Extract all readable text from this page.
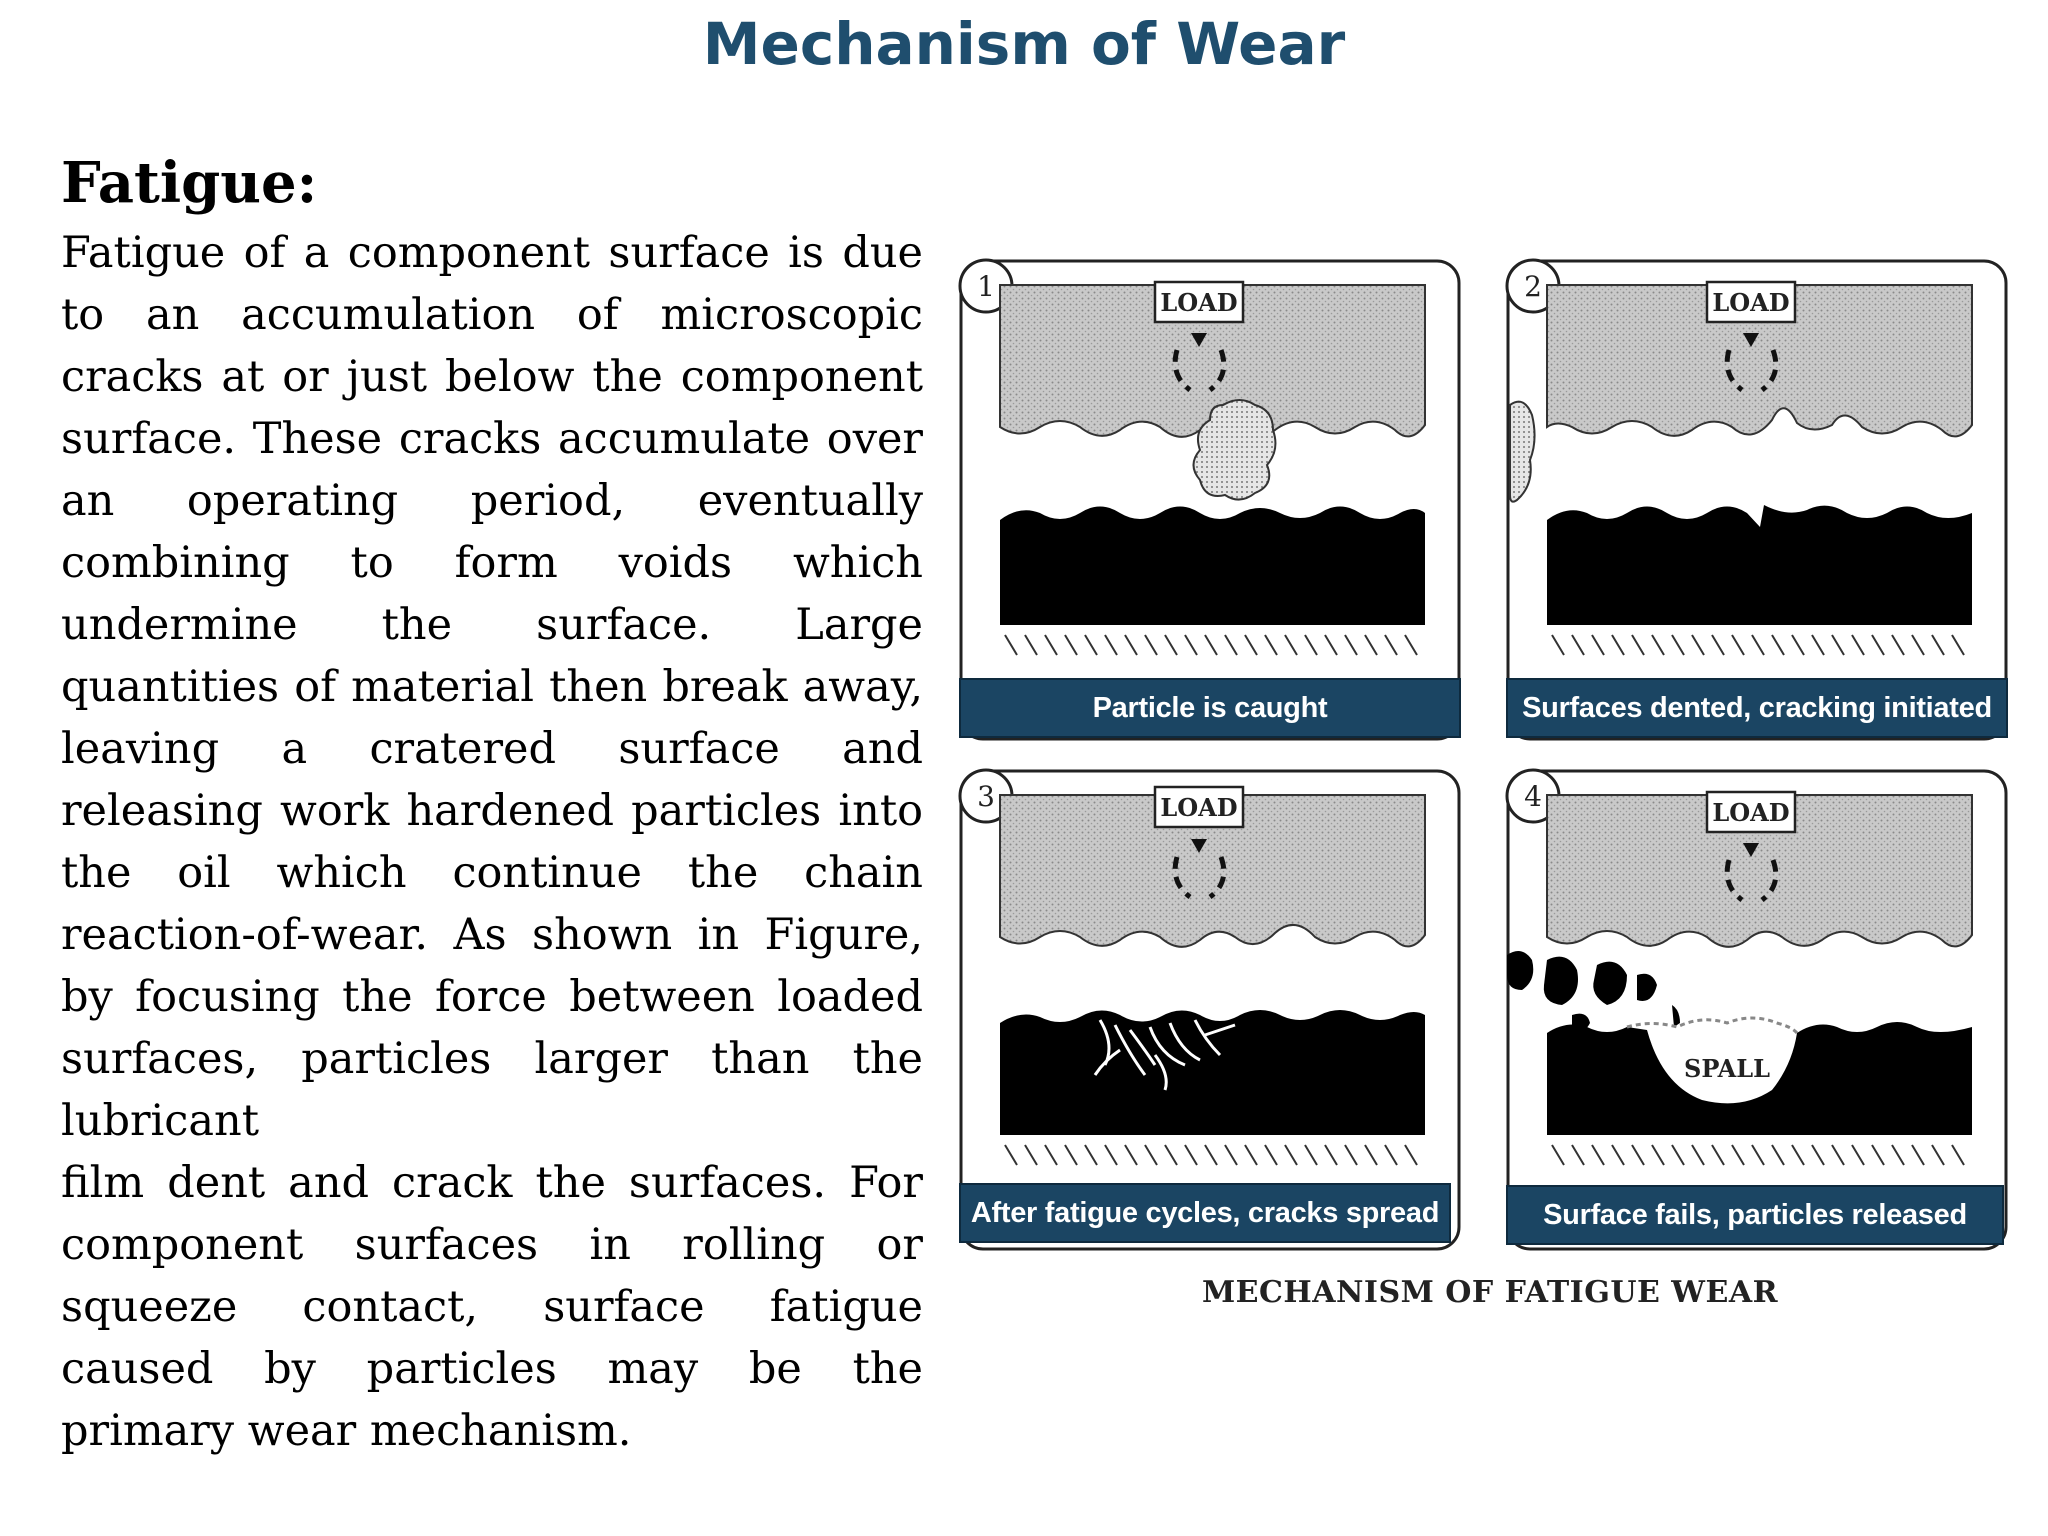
Mechanism of Wear
Fatigue:

Fatigue of a component surface is due to an accumulation of microscopic cracks at or just below the component surface. These cracks accumulate over an operating period, eventually combining to form voids which undermine the surface. Large quantities of material then break away, leaving a cratered surface and releasing work hardened particles into the oil which continue the chain reaction-of-wear. As shown in Figure, by focusing the force between loaded surfaces, particles larger than the lubricant

film dent and crack the surfaces. For component surfaces in rolling or squeeze contact, surface fatigue caused by particles may be the primary wear mechanism.

1	LOAD
Particle is caught
2	LOAD
Surfaces dented, cracking initiated
3	LOAD
After fatigue cycles, cracks spread
4	LOAD
SPALL
Surface fails, particles released
MECHANISM OF FATIGUE WEAR
